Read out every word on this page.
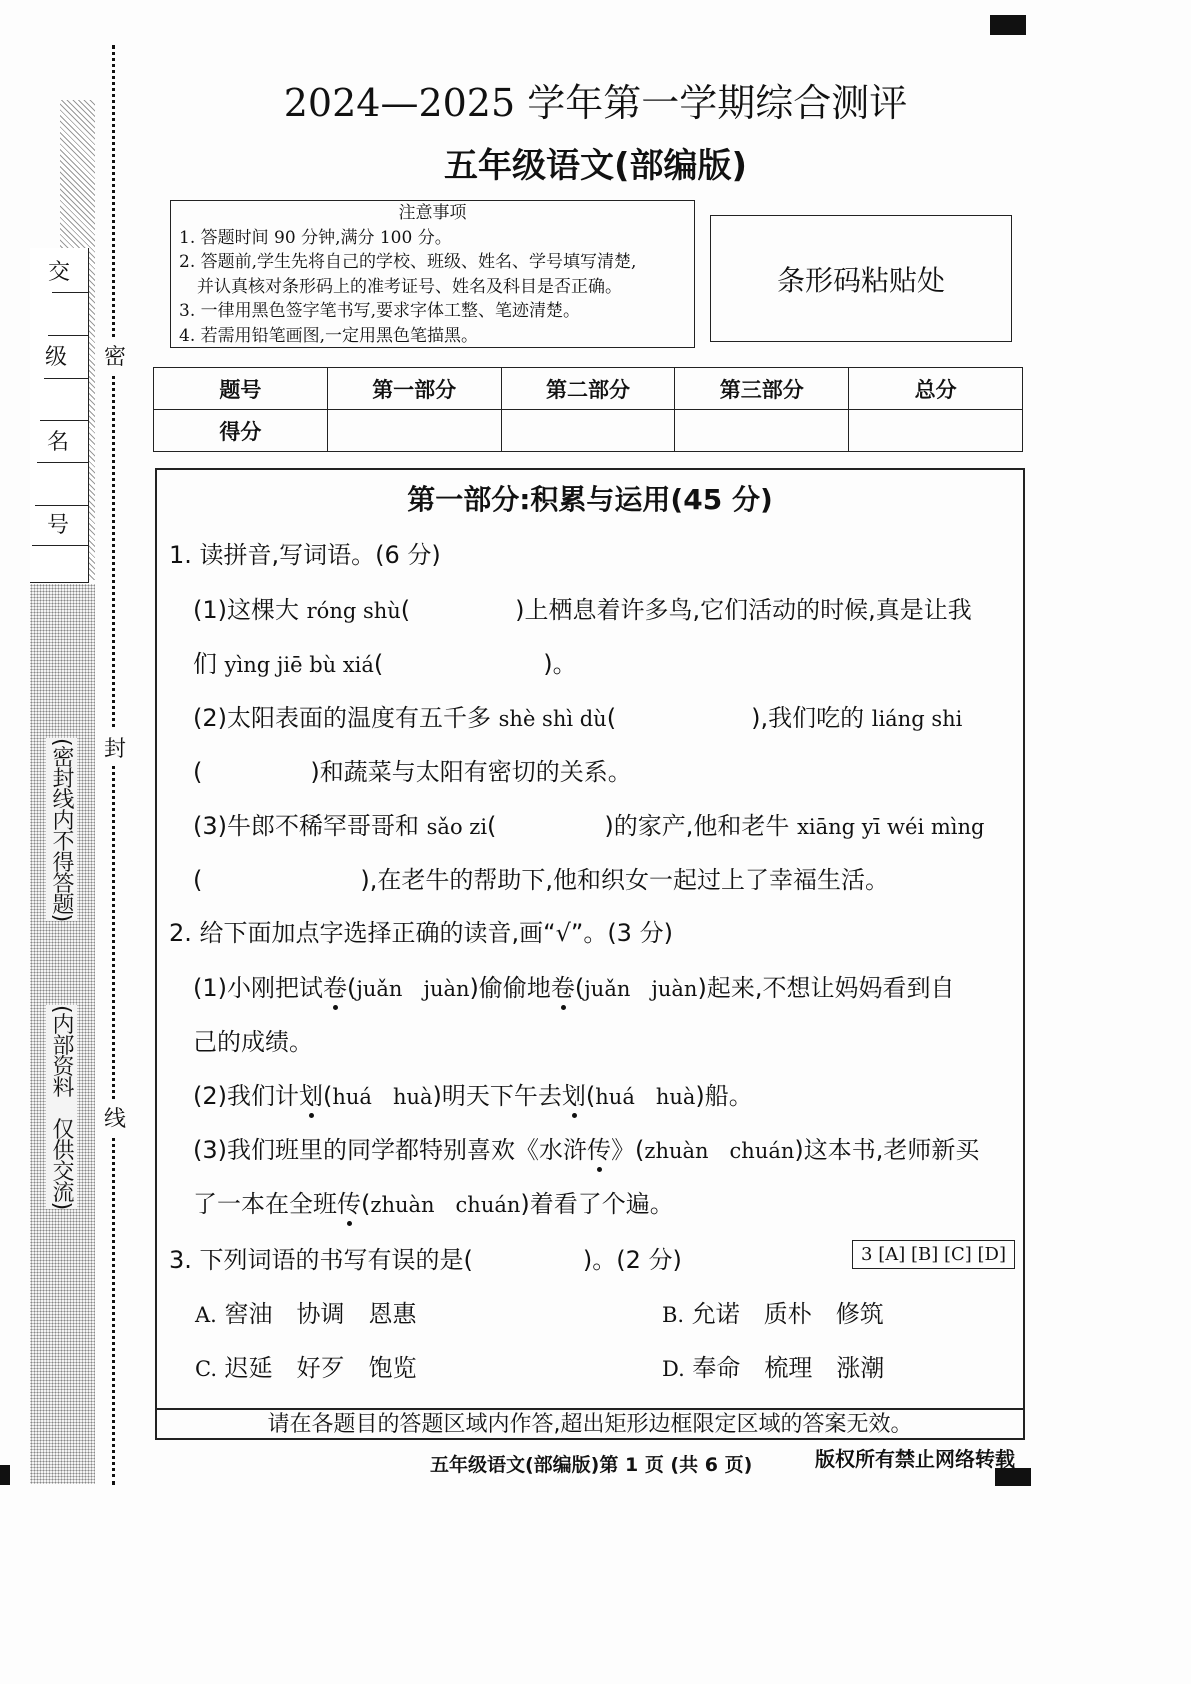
交
级
名
号
(密封线内不得答题)
(内部资料　仅供交流)
密
封
线
2024—2025 学年第一学期综合测评
五年级语文(部编版)
注意事项
1. 答题时间 90 分钟,满分 100 分。
2. 答题前,学生先将自己的学校、班级、姓名、学号填写清楚,
并认真核对条形码上的准考证号、姓名及科目是否正确。
3. 一律用黑色签字笔书写,要求字体工整、笔迹清楚。
4. 若需用铅笔画图,一定用黑色笔描黑。
条形码粘贴处
题号	第一部分	第二部分	第三部分	总分
得分				
第一部分:积累与运用(45 分)
1. 读拼音,写词语。(6 分)
(1)这棵大 róng shù(	)上栖息着许多鸟,它们活动的时候,真是让我
们 yìng jiē bù xiá(	)。
(2)太阳表面的温度有五千多 shè shì dù(	),我们吃的 liáng shi
(	)和蔬菜与太阳有密切的关系。
(3)牛郎不稀罕哥哥和 sǎo zi(	)的家产,他和老牛 xiāng yī wéi mìng
(	),在老牛的帮助下,他和织女一起过上了幸福生活。
2. 给下面加点字选择正确的读音,画“√”。(3 分)
(1)小刚把试卷(juǎn　juàn)偷偷地卷(juǎn　juàn)起来,不想让妈妈看到自
己的成绩。
(2)我们计划(huá　huà)明天下午去划(huá　huà)船。
(3)我们班里的同学都特别喜欢《水浒传》(zhuàn　chuán)这本书,老师新买
了一本在全班传(zhuàn　chuán)着看了个遍。
3. 下列词语的书写有误的是(	)。(2 分)	3 [A] [B] [C] [D]
A. 窖油　协调　恩惠	B. 允诺　质朴　修筑
C. 迟延　好歹　饱览	D. 奉命　梳理　涨潮
请在各题目的答题区域内作答,超出矩形边框限定区域的答案无效。
五年级语文(部编版)第 1 页 (共 6 页)	版权所有禁止网络转载
